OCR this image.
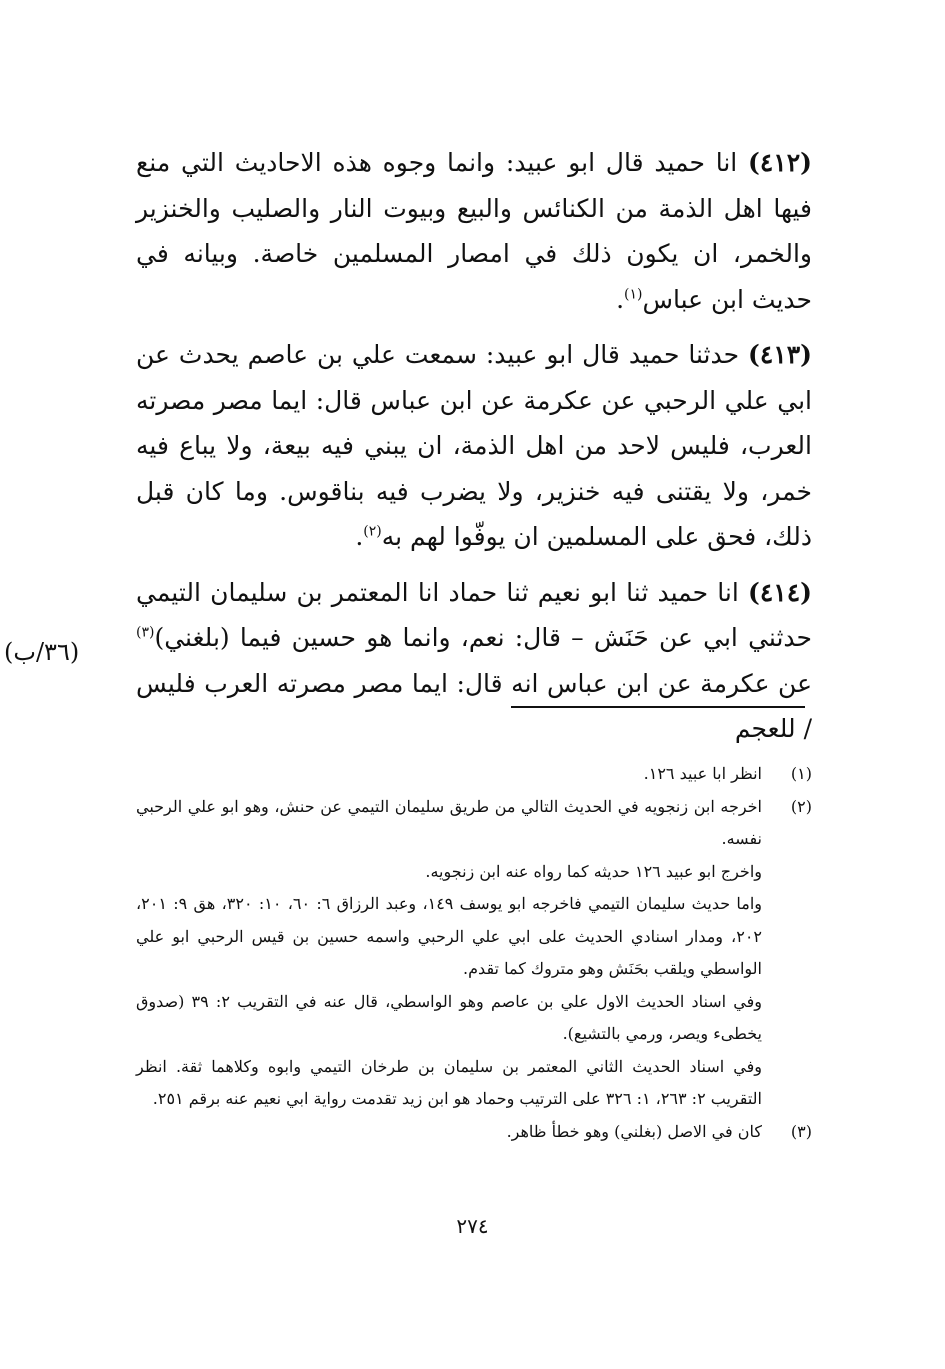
(٤١٢) انا حميد قال ابو عبيد: وانما وجوه هذه الاحاديث التي منع فيها اهل الذمة من الكنائس والبيع وبيوت النار والصليب والخنزير والخمر، ان يكون ذلك في امصار المسلمين خاصة. وبيانه في حديث ابن عباس$^{(١)}$.

(٤١٣) حدثنا حميد قال ابو عبيد: سمعت علي بن عاصم يحدث عن ابي علي الرحبي عن عكرمة عن ابن عباس قال: ايما مصر مصرته العرب، فليس لاحد من اهل الذمة، ان يبني فيه بيعة، ولا يباع فيه خمر، ولا يقتنى فيه خنزير، ولا يضرب فيه بناقوس. وما كان قبل ذلك، فحق على المسلمين ان يوفّوا لهم به$^{(٢)}$.

(٤١٤) انا حميد ثنا ابو نعيم ثنا حماد انا المعتمر بن سليمان التيمي حدثني ابي عن حَنَش – قال: نعم، وانما هو حسين فيما (بلغني)$^{(٣)}$ عن عكرمة عن ابن عباس انه قال: ايما مصر مصرته العرب فليس / للعجم

(٣٦/ب)
(١)
انظر ابا عبيد ١٢٦.
(٢)
اخرجه ابن زنجويه في الحديث التالي من طريق سليمان التيمي عن حنش، وهو ابو علي الرحبي نفسه.
واخرج ابو عبيد ١٢٦ حديثه كما رواه عنه ابن زنجويه.
واما حديث سليمان التيمي فاخرجه ابو يوسف ١٤٩، وعبد الرزاق ٦: ٦٠، ١٠: ٣٢٠، هق ٩: ٢٠١، ٢٠٢، ومدار اسنادي الحديث على ابي علي الرحبي واسمه حسين بن قيس الرحبي ابو علي الواسطي ويلقب بحَنَش وهو متروك كما تقدم.
وفي اسناد الحديث الاول علي بن عاصم وهو الواسطي، قال عنه في التقريب ٢: ٣٩ (صدوق يخطىء ويصر، ورمي بالتشيع).
وفي اسناد الحديث الثاني المعتمر بن سليمان بن طرخان التيمي وابوه وكلاهما ثقة. انظر التقريب ٢: ٢٦٣، ١: ٣٢٦ على الترتيب وحماد هو ابن زيد تقدمت رواية ابي نعيم عنه برقم ٢٥١.
(٣)
كان في الاصل (بغلني) وهو خطأ ظاهر.
٢٧٤
